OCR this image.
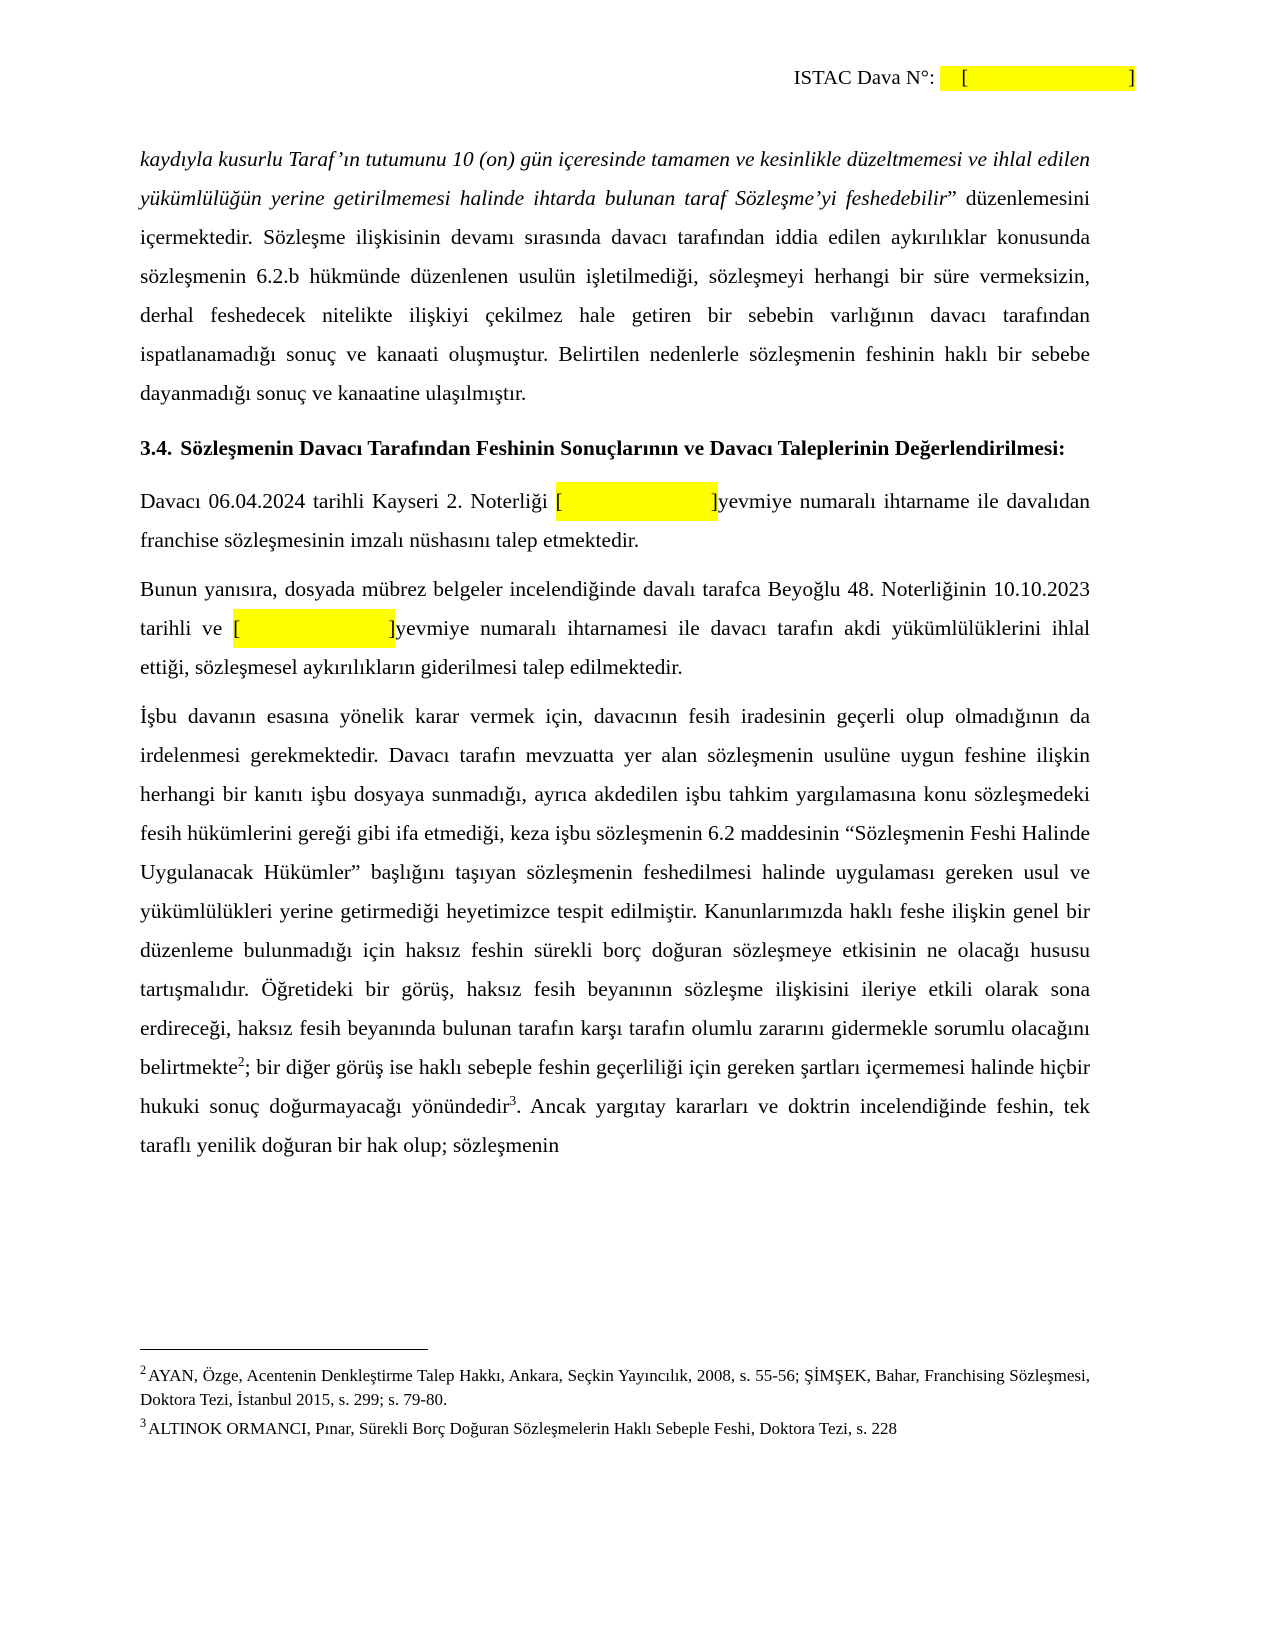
ISTAC Dava N°: [	]

kaydıyla kusurlu Taraf’ın tutumunu 10 (on) gün içeresinde tamamen ve kesinlikle düzeltmemesi ve ihlal edilen yükümlülüğün yerine getirilmemesi halinde ihtarda bulunan taraf Sözleşme’yi feshedebilir” düzenlemesini içermektedir. Sözleşme ilişkisinin devamı sırasında davacı tarafından iddia edilen aykırılıklar konusunda sözleşmenin 6.2.b hükmünde düzenlenen usulün işletilmediği, sözleşmeyi herhangi bir süre vermeksizin, derhal feshedecek nitelikte ilişkiyi çekilmez hale getiren bir sebebin varlığının davacı tarafından ispatlanamadığı sonuç ve kanaati oluşmuştur. Belirtilen nedenlerle sözleşmenin feshinin haklı bir sebebe dayanmadığı sonuç ve kanaatine ulaşılmıştır.

3.4. Sözleşmenin Davacı Tarafından Feshinin Sonuçlarının ve Davacı Taleplerinin Değerlendirilmesi:

Davacı 06.04.2024 tarihli Kayseri 2. Noterliği [	]yevmiye numaralı ihtarname ile davalıdan franchise sözleşmesinin imzalı nüshasını talep etmektedir.

Bunun yanısıra, dosyada mübrez belgeler incelendiğinde davalı tarafca Beyoğlu 48. Noterliğinin 10.10.2023 tarihli ve [	]yevmiye numaralı ihtarnamesi ile davacı tarafın akdi yükümlülüklerini ihlal ettiği, sözleşmesel aykırılıkların giderilmesi talep edilmektedir.

İşbu davanın esasına yönelik karar vermek için, davacının fesih iradesinin geçerli olup olmadığının da irdelenmesi gerekmektedir. Davacı tarafın mevzuatta yer alan sözleşmenin usulüne uygun feshine ilişkin herhangi bir kanıtı işbu dosyaya sunmadığı, ayrıca akdedilen işbu tahkim yargılamasına konu sözleşmedeki fesih hükümlerini gereği gibi ifa etmediği, keza işbu sözleşmenin 6.2 maddesinin “Sözleşmenin Feshi Halinde Uygulanacak Hükümler” başlığını taşıyan sözleşmenin feshedilmesi halinde uygulaması gereken usul ve yükümlülükleri yerine getirmediği heyetimizce tespit edilmiştir. Kanunlarımızda haklı feshe ilişkin genel bir düzenleme bulunmadığı için haksız feshin sürekli borç doğuran sözleşmeye etkisinin ne olacağı hususu tartışmalıdır. Öğretideki bir görüş, haksız fesih beyanının sözleşme ilişkisini ileriye etkili olarak sona erdireceği, haksız fesih beyanında bulunan tarafın karşı tarafın olumlu zararını gidermekle sorumlu olacağını belirtmekte$^2$; bir diğer görüş ise haklı sebeple feshin geçerliliği için gereken şartları içermemesi halinde hiçbir hukuki sonuç doğurmayacağı yönündedir$^3$. Ancak yargıtay kararları ve doktrin incelendiğinde feshin, tek taraflı yenilik doğuran bir hak olup; sözleşmenin

$^2$ AYAN, Özge, Acentenin Denkleştirme Talep Hakkı, Ankara, Seçkin Yayıncılık, 2008, s. 55-56; ŞİMŞEK, Bahar, Franchising Sözleşmesi, Doktora Tezi, İstanbul 2015, s. 299; s. 79-80.

$^3$ ALTINOK ORMANCI, Pınar, Sürekli Borç Doğuran Sözleşmelerin Haklı Sebeple Feshi, Doktora Tezi, s. 228
